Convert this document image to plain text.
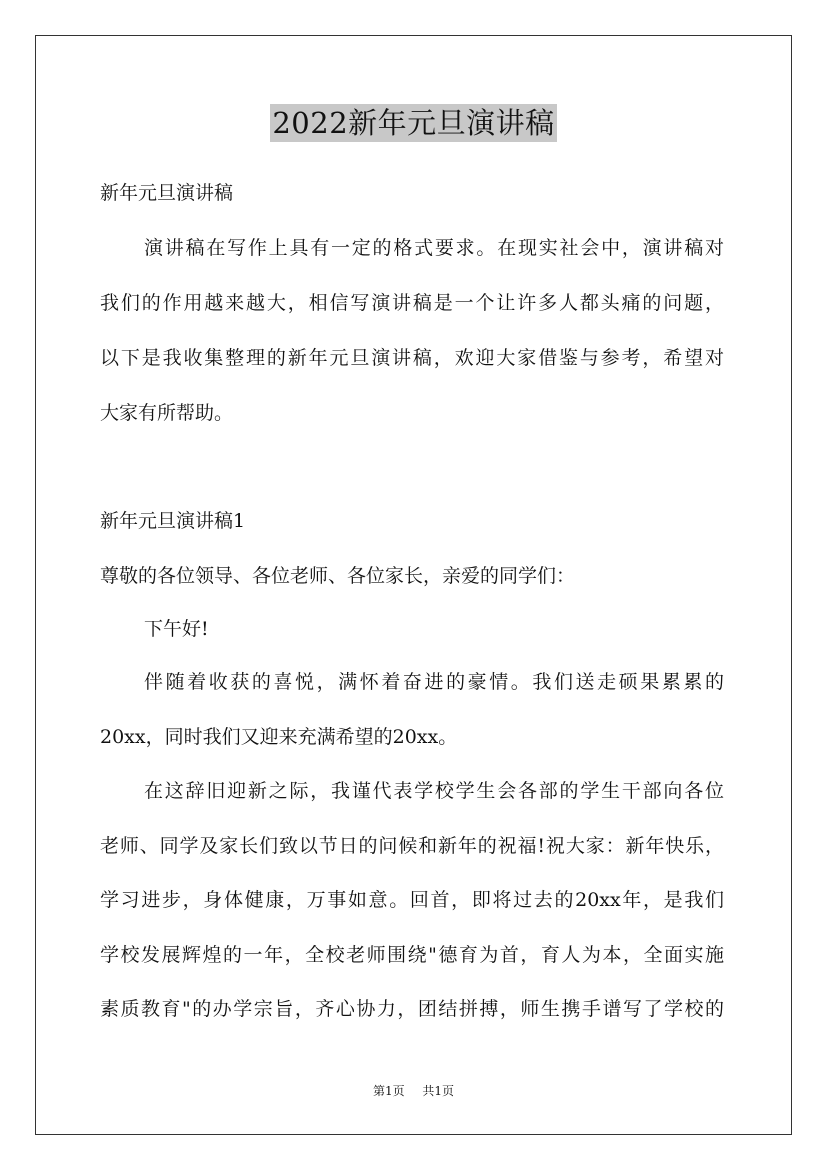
2022新年元旦演讲稿
新年元旦演讲稿
演讲稿在写作上具有一定的格式要求。在现实社会中，演讲稿对
我们的作用越来越大，相信写演讲稿是一个让许多人都头痛的问题，
以下是我收集整理的新年元旦演讲稿，欢迎大家借鉴与参考，希望对
大家有所帮助。
新年元旦演讲稿1
尊敬的各位领导、各位老师、各位家长，亲爱的同学们：
下午好!
伴随着收获的喜悦，满怀着奋进的豪情。我们送走硕果累累的
20xx，同时我们又迎来充满希望的20xx。
在这辞旧迎新之际，我谨代表学校学生会各部的学生干部向各位
老师、同学及家长们致以节日的问候和新年的祝福!祝大家：新年快乐，
学习进步，身体健康，万事如意。回首，即将过去的20xx年，是我们
学校发展辉煌的一年，全校老师围绕"德育为首，育人为本，全面实施
素质教育"的办学宗旨，齐心协力，团结拼搏，师生携手谱写了学校的
第1页 共1页
